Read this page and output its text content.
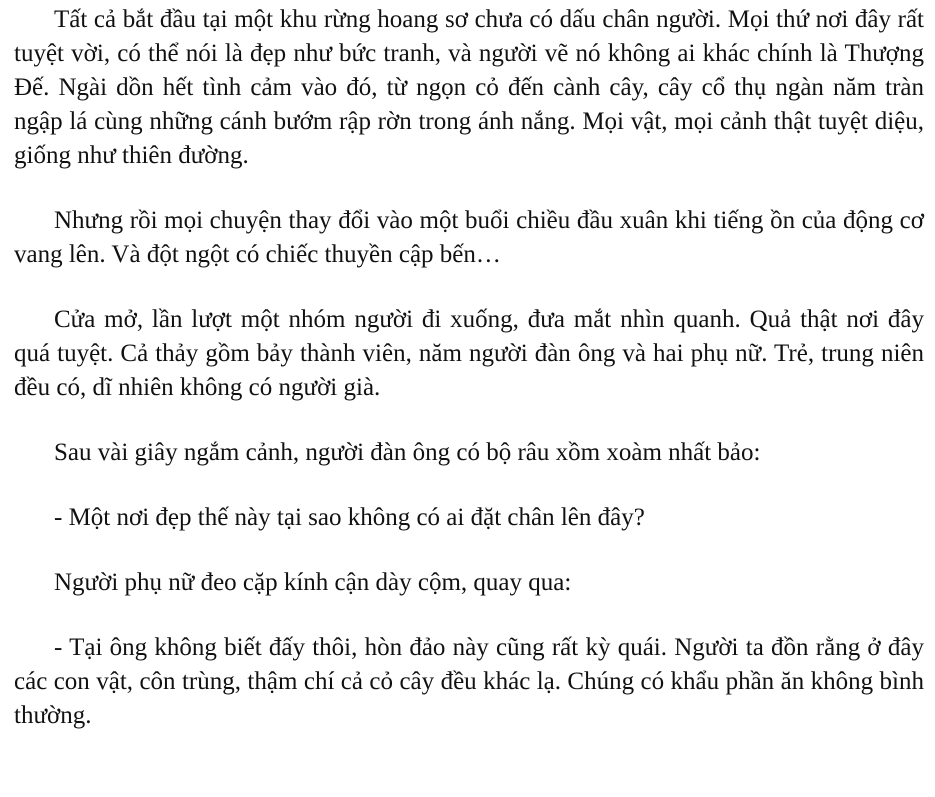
Tất cả bắt đầu tại một khu rừng hoang sơ chưa có dấu chân người. Mọi thứ nơi đây rất tuyệt vời, có thể nói là đẹp như bức tranh, và người vẽ nó không ai khác chính là Thượng Đế. Ngài dồn hết tình cảm vào đó, từ ngọn cỏ đến cành cây, cây cổ thụ ngàn năm tràn ngập lá cùng những cánh bướm rập rờn trong ánh nắng. Mọi vật, mọi cảnh thật tuyệt diệu, giống như thiên đường.

Nhưng rồi mọi chuyện thay đổi vào một buổi chiều đầu xuân khi tiếng ồn của động cơ vang lên. Và đột ngột có chiếc thuyền cập bến…

Cửa mở, lần lượt một nhóm người đi xuống, đưa mắt nhìn quanh. Quả thật nơi đây quá tuyệt. Cả thảy gồm bảy thành viên, năm người đàn ông và hai phụ nữ. Trẻ, trung niên đều có, dĩ nhiên không có người già.

Sau vài giây ngắm cảnh, người đàn ông có bộ râu xồm xoàm nhất bảo:

- Một nơi đẹp thế này tại sao không có ai đặt chân lên đây?

Người phụ nữ đeo cặp kính cận dày cộm, quay qua:

- Tại ông không biết đấy thôi, hòn đảo này cũng rất kỳ quái. Người ta đồn rằng ở đây các con vật, côn trùng, thậm chí cả cỏ cây đều khác lạ. Chúng có khẩu phần ăn không bình thường.
